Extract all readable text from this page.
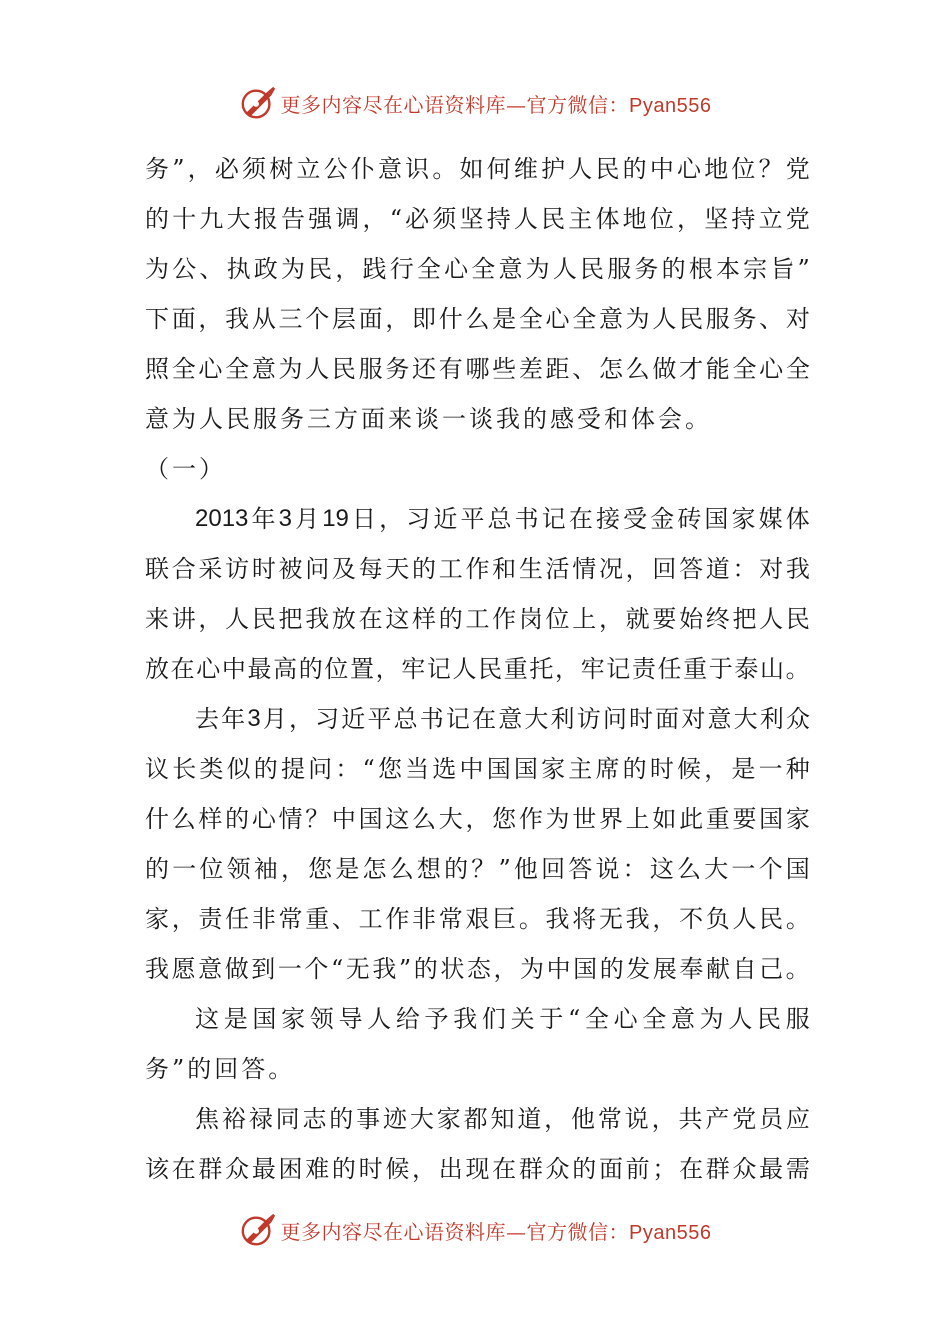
更多内容尽在心语资料库—官方微信：Pyan556
务 ” ， 必 须 树 立 公 仆 意 识 。 如 何 维 护 人 民 的 中 心 地 位 ？ 党
的 十 九 大 报 告 强 调 ， “ 必 须 坚 持 人 民 主 体 地 位 ， 坚 持 立 党
为 公 、 执 政 为 民 ， 践 行 全 心 全 意 为 人 民 服 务 的 根 本 宗 旨 ”
下 面 ， 我 从 三 个 层 面 ， 即 什 么 是 全 心 全 意 为 人 民 服 务 、 对
照 全 心 全 意 为 人 民 服 务 还 有 哪 些 差 距 、 怎 么 做 才 能 全 心 全
意为人民服务三方面来谈一谈我的感受和体会。
（一）
2013 年 3 月 19 日 ， 习 近 平 总 书 记 在 接 受 金 砖 国 家 媒 体
联 合 采 访 时 被 问 及 每 天 的 工 作 和 生 活 情 况 ， 回 答 道 ： 对 我
来 讲 ， 人 民 把 我 放 在 这 样 的 工 作 岗 位 上 ， 就 要 始 终 把 人 民
放 在 心 中 最 高 的 位 置 ， 牢 记 人 民 重 托 ， 牢 记 责 任 重 于 泰 山 。
去 年 3 月 ， 习 近 平 总 书 记 在 意 大 利 访 问 时 面 对 意 大 利 众
议 长 类 似 的 提 问 ： “ 您 当 选 中 国 国 家 主 席 的 时 候 ， 是 一 种
什 么 样 的 心 情 ？ 中 国 这 么 大 ， 您 作 为 世 界 上 如 此 重 要 国 家
的 一 位 领 袖 ， 您 是 怎 么 想 的 ？ ” 他 回 答 说 ： 这 么 大 一 个 国
家 ， 责 任 非 常 重 、 工 作 非 常 艰 巨 。 我 将 无 我 ， 不 负 人 民 。
我 愿 意 做 到 一 个 “ 无 我 ” 的 状 态 ， 为 中 国 的 发 展 奉 献 自 己 。
这 是 国 家 领 导 人 给 予 我 们 关 于 “ 全 心 全 意 为 人 民 服
务”的回答。
焦 裕 禄 同 志 的 事 迹 大 家 都 知 道 ， 他 常 说 ， 共 产 党 员 应
该 在 群 众 最 困 难 的 时 候 ， 出 现 在 群 众 的 面 前 ； 在 群 众 最 需
更多内容尽在心语资料库—官方微信：Pyan556
